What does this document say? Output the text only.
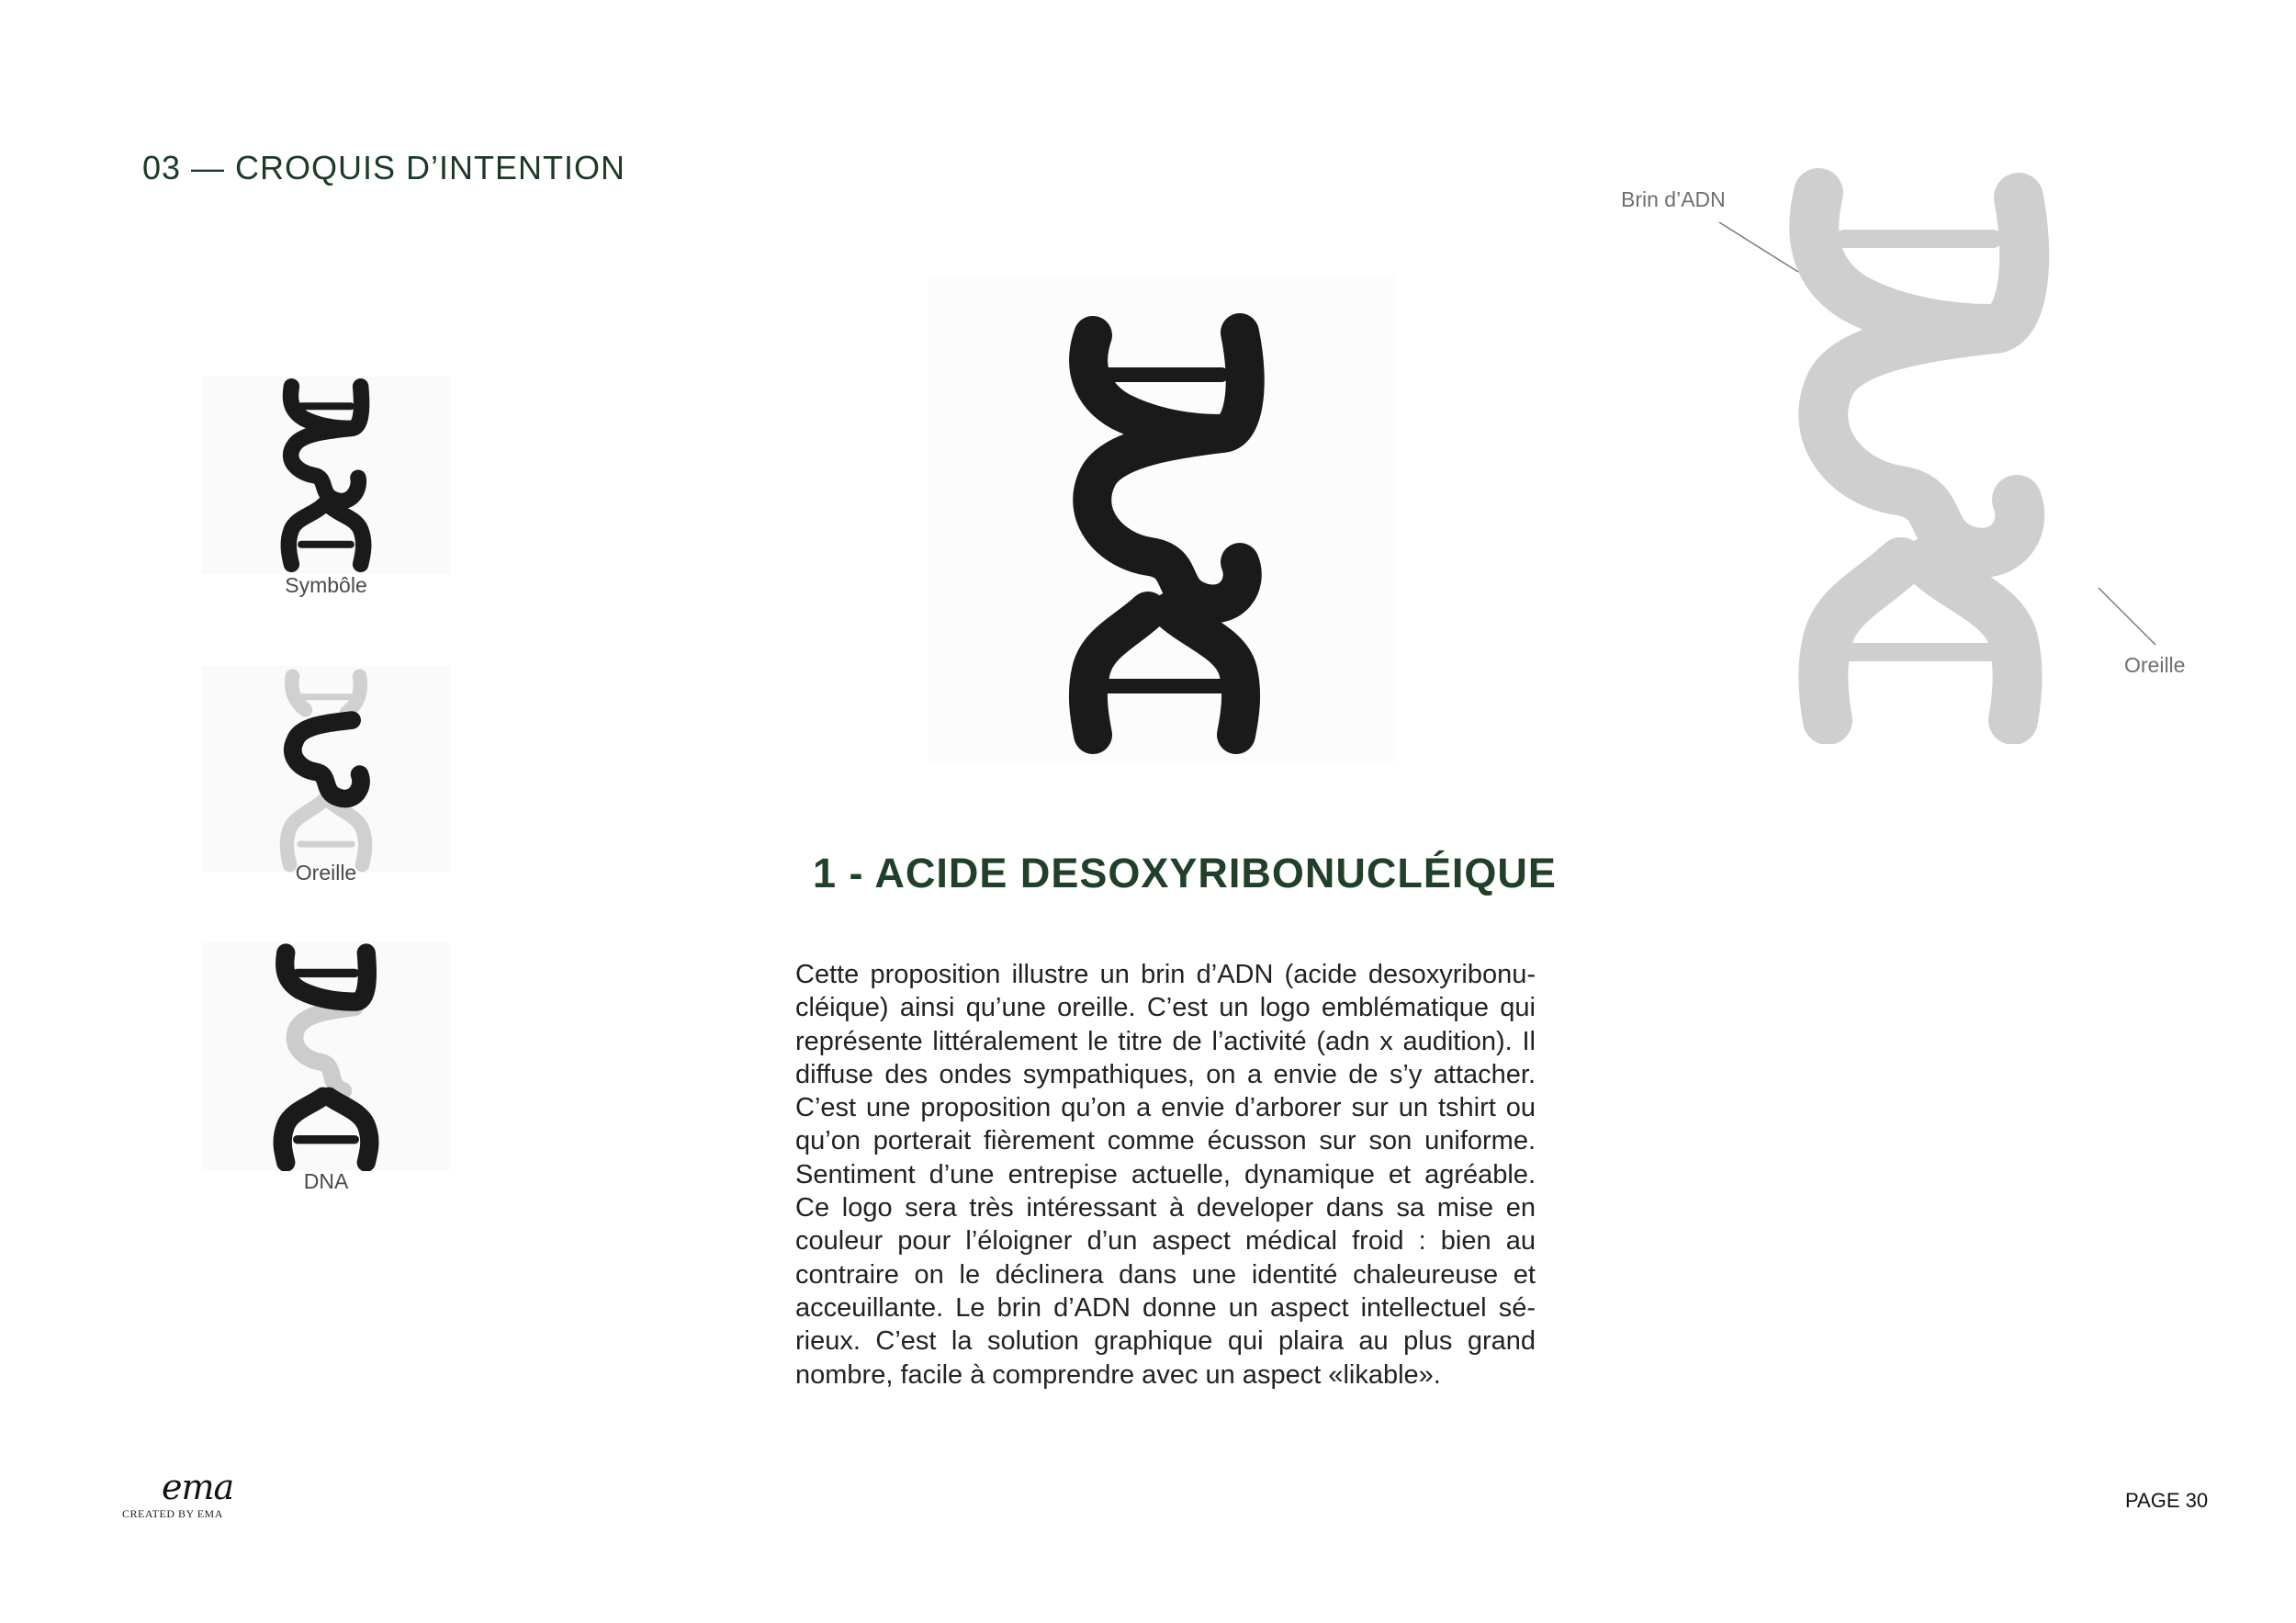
03 — CROQUIS D’INTENTION
Symbôle
Oreille
DNA
Brin d’ADN
Oreille
1 - ACIDE DESOXYRIBONUCLÉIQUE
Cette proposition illustre un brin d’ADN (acide desoxyribonu-cléique) ainsi qu’une oreille. C’est un logo emblématique qui représente littéralement le titre de l’activité (adn x audition). Il diffuse des ondes sympathiques, on a envie de s’y attacher. C’est une proposition qu’on a envie d’arborer sur un tshirt ou qu’on porterait fièrement comme écusson sur son uniforme. Sentiment d’une entrepise actuelle, dynamique et agréable. Ce logo sera très intéressant à developer dans sa mise en couleur pour l’éloigner d’un aspect médical froid : bien au contraire on le déclinera dans une identité chaleureuse et acceuillante. Le brin d’ADN donne un aspect intellectuel sé-rieux. C’est la solution graphique qui plaira au plus grand nombre, facile à comprendre avec un aspect «likable».
ema
CREATED BY EMA
PAGE 30
